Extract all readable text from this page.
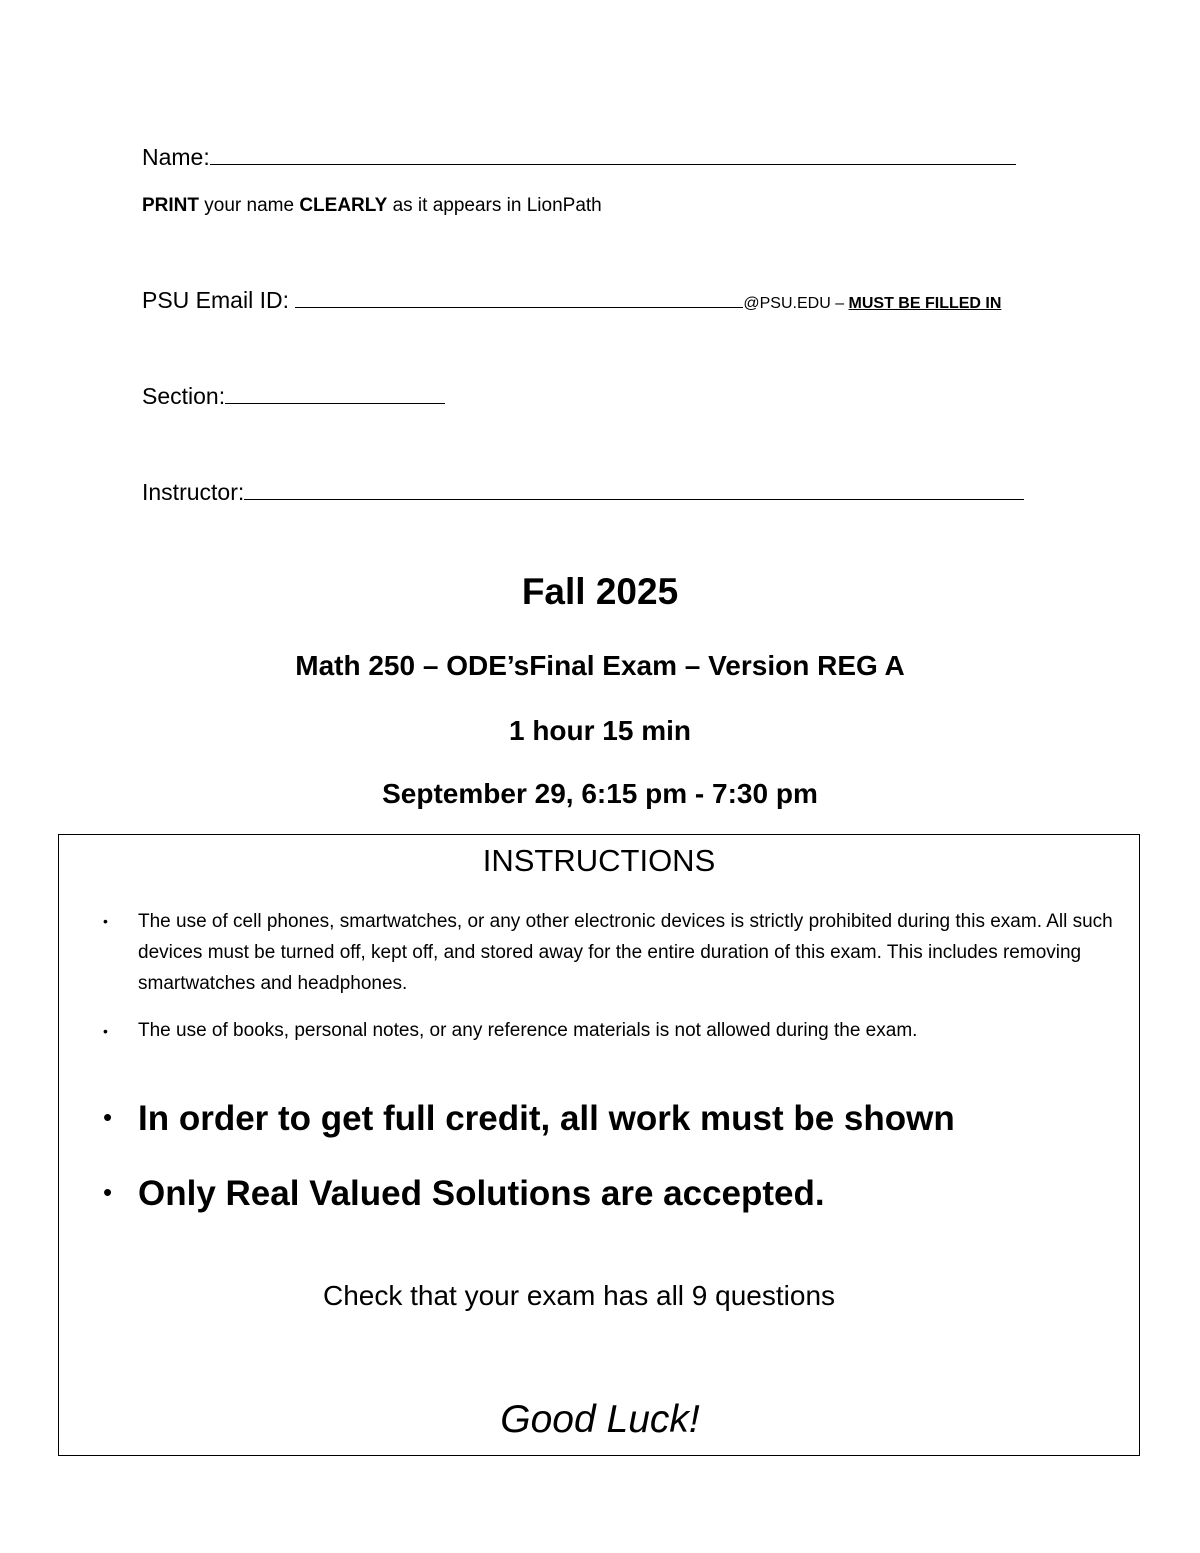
Name:
PRINT your name CLEARLY as it appears in LionPath
PSU Email ID:	@PSU.EDU – MUST BE FILLED IN
Section:
Instructor:
Fall 2025
Math 250 – ODE’sFinal Exam – Version REG A
1 hour 15 min
September 29, 6:15 pm - 7:30 pm
INSTRUCTIONS
• The use of cell phones, smartwatches, or any other electronic devices is strictly prohibited during this exam. All such devices must be turned off, kept off, and stored away for the entire duration of this exam. This includes removing smartwatches and headphones.
• The use of books, personal notes, or any reference materials is not allowed during the exam.
• In order to get full credit, all work must be shown
• Only Real Valued Solutions are accepted.
Check that your exam has all 9 questions
Good Luck!
